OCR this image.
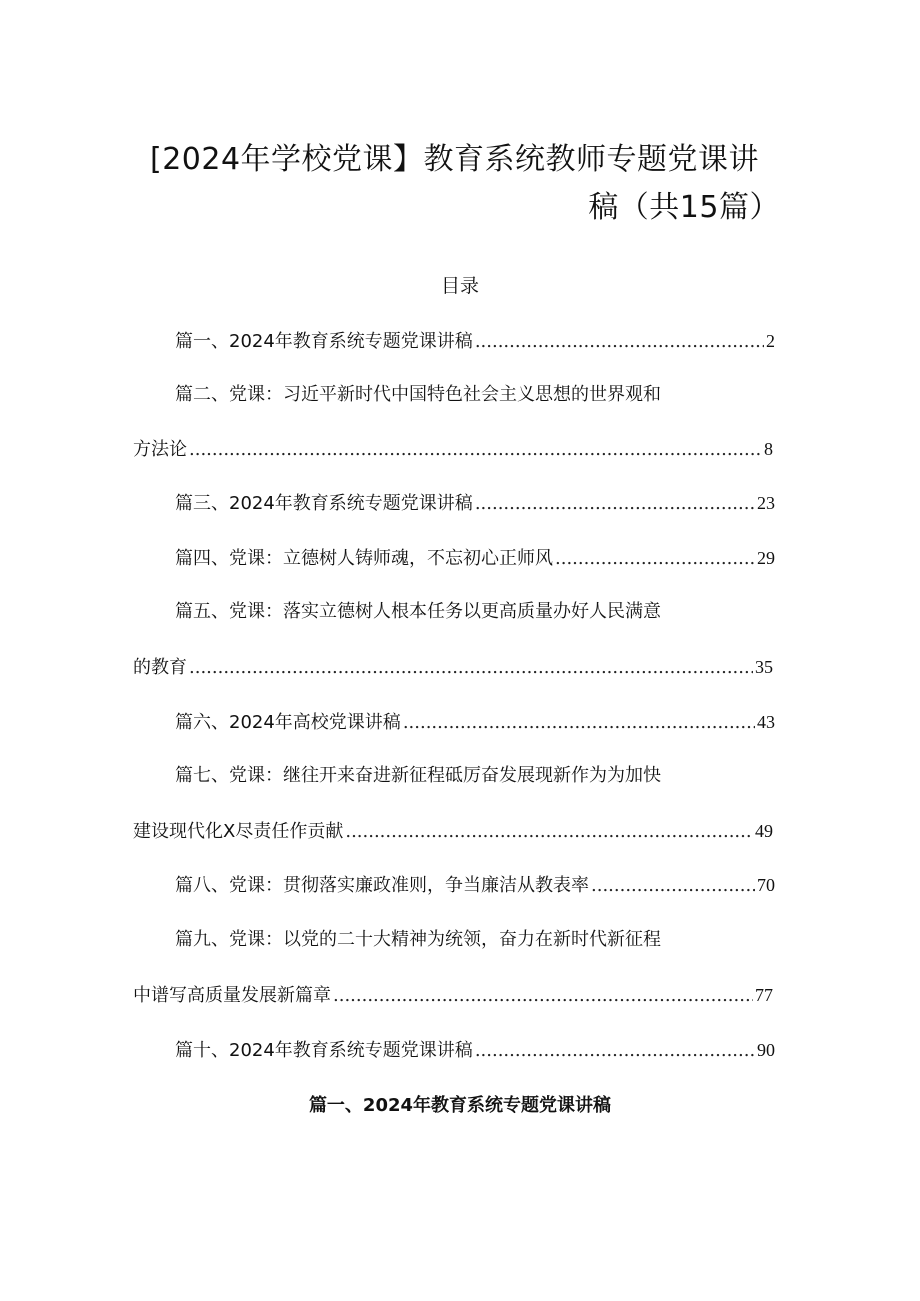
[2024年学校党课】教育系统教师专题党课讲
稿（共15篇）
目录
篇一、2024年教育系统专题党课讲稿 .....	2
篇二、党课：习近平新时代中国特色社会主义思想的世界观和
方法论 .....	8
篇三、2024年教育系统专题党课讲稿 .....	23
篇四、党课：立德树人铸师魂，不忘初心正师风 .....	29
篇五、党课：落实立德树人根本任务以更高质量办好人民满意
的教育 .....	35
篇六、2024年高校党课讲稿 .....	43
篇七、党课：继往开来奋进新征程砥厉奋发展现新作为为加快
建设现代化X尽责任作贡献 .....	49
篇八、党课：贯彻落实廉政准则，争当廉洁从教表率 .....	70
篇九、党课：以党的二十大精神为统领，奋力在新时代新征程
中谱写高质量发展新篇章 .....	77
篇十、2024年教育系统专题党课讲稿 .....	90
篇一、2024年教育系统专题党课讲稿
